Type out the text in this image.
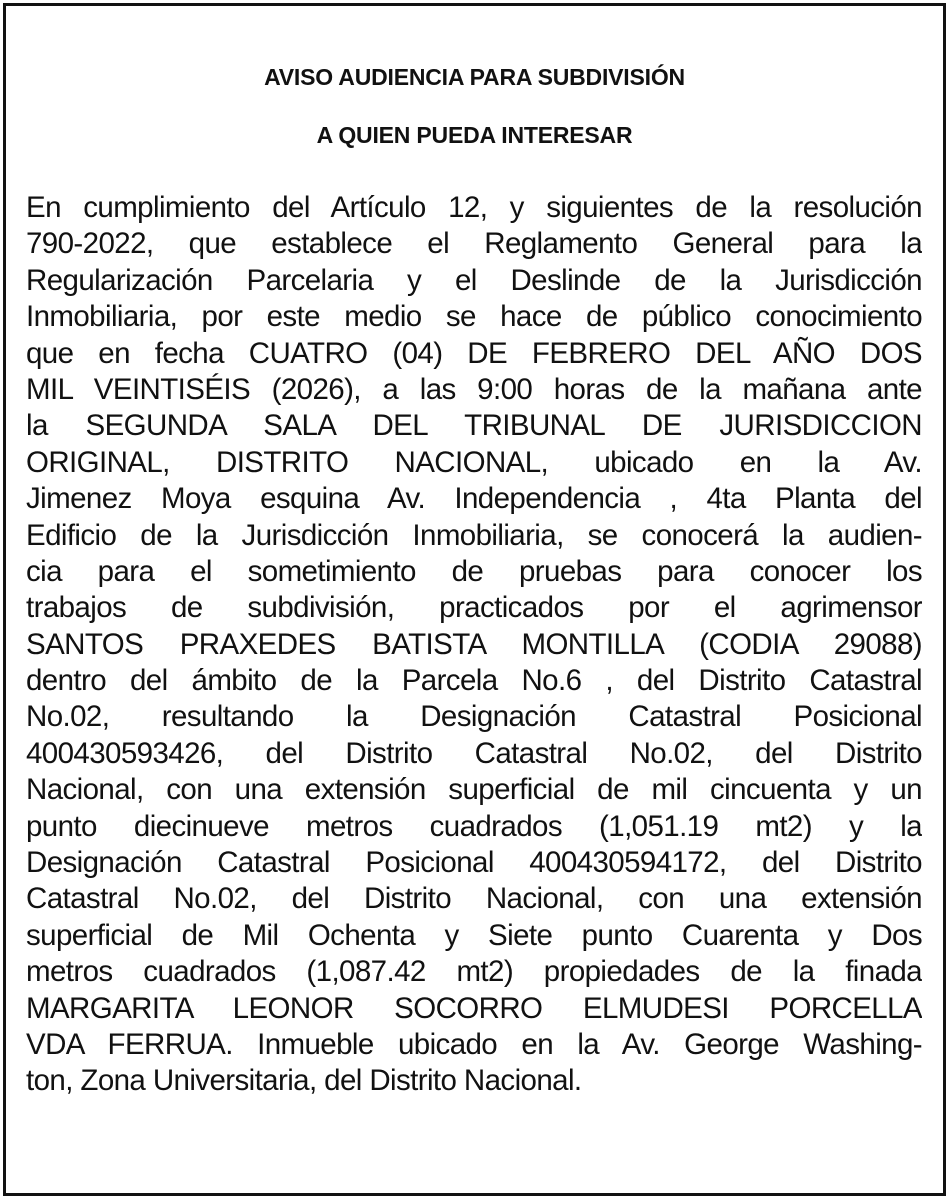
AVISO AUDIENCIA PARA SUBDIVISIÓN
A QUIEN PUEDA INTERESAR
En cumplimiento del Artículo 12, y siguientes de la resolución
790-2022, que establece el Reglamento General para la
Regularización Parcelaria y el Deslinde de la Jurisdicción
Inmobiliaria, por este medio se hace de público conocimiento
que en fecha CUATRO (04) DE FEBRERO DEL AÑO DOS
MIL VEINTISÉIS (2026), a las 9:00 horas de la mañana ante
la SEGUNDA SALA DEL TRIBUNAL DE JURISDICCION
ORIGINAL, DISTRITO NACIONAL, ubicado en la Av.
Jimenez Moya esquina Av. Independencia , 4ta Planta del
Edificio de la Jurisdicción Inmobiliaria, se conocerá la audien-
cia para el sometimiento de pruebas para conocer los
trabajos de subdivisión, practicados por el agrimensor
SANTOS PRAXEDES BATISTA MONTILLA (CODIA 29088)
dentro del ámbito de la Parcela No.6 , del Distrito Catastral
No.02, resultando la Designación Catastral Posicional
400430593426, del Distrito Catastral No.02, del Distrito
Nacional, con una extensión superficial de mil cincuenta y un
punto diecinueve metros cuadrados (1,051.19 mt2) y la
Designación Catastral Posicional 400430594172, del Distrito
Catastral No.02, del Distrito Nacional, con una extensión
superficial de Mil Ochenta y Siete punto Cuarenta y Dos
metros cuadrados (1,087.42 mt2) propiedades de la finada
MARGARITA LEONOR SOCORRO ELMUDESI PORCELLA
VDA FERRUA. Inmueble ubicado en la Av. George Washing-
ton, Zona Universitaria, del Distrito Nacional.
